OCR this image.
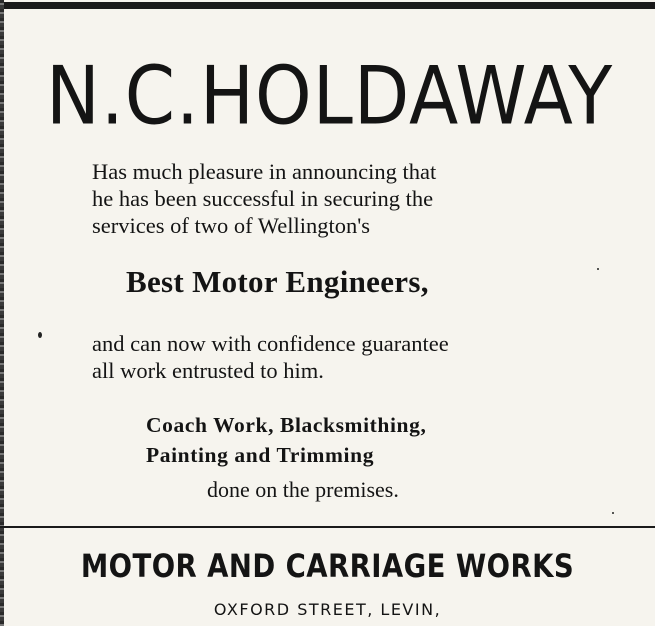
N.C.HOLDAWAY
Has much pleasure in announcing that
he has been successful in securing the
services of two of Wellington's
Best Motor Engineers,
and can now with confidence guarantee
all work entrusted to him.
Coach Work, Blacksmithing,
Painting and Trimming
done on the premises.
MOTOR AND CARRIAGE WORKS
OXFORD STREET, LEVIN,
